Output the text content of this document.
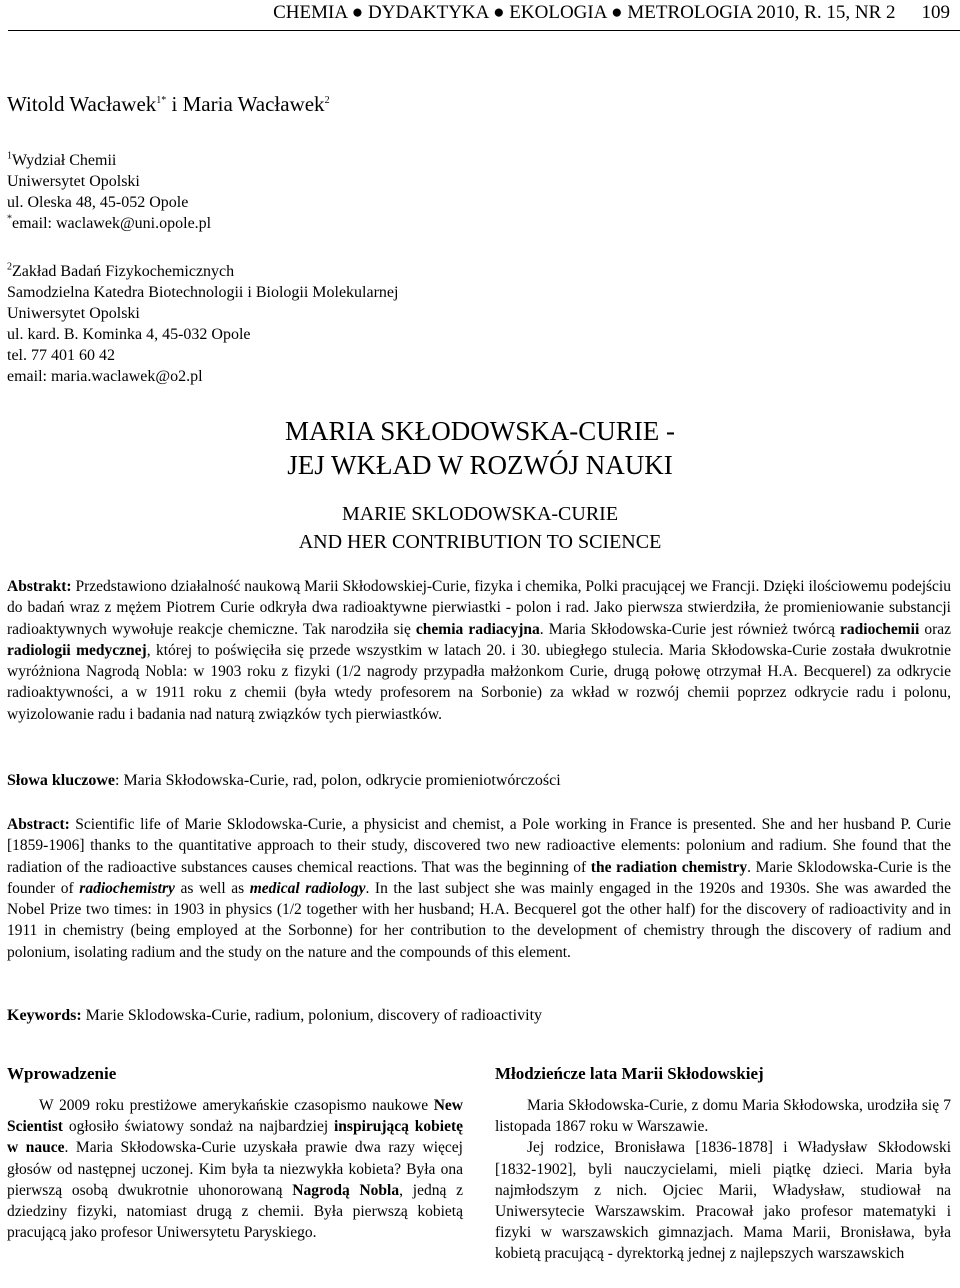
CHEMIA ● DYDAKTYKA ● EKOLOGIA ● METROLOGIA 2010, R. 15, NR 2 109
Witold Wacławek$^{1*}$ i Maria Wacławek$^2$
$^1$Wydział Chemii
Uniwersytet Opolski
ul. Oleska 48, 45-052 Opole
*email: waclawek@uni.opole.pl
$^2$Zakład Badań Fizykochemicznych
Samodzielna Katedra Biotechnologii i Biologii Molekularnej
Uniwersytet Opolski
ul. kard. B. Kominka 4, 45-032 Opole
tel. 77 401 60 42
email: maria.waclawek@o2.pl
MARIA SKŁODOWSKA-CURIE -
JEJ WKŁAD W ROZWÓJ NAUKI
MARIE SKLODOWSKA-CURIE
AND HER CONTRIBUTION TO SCIENCE
Abstrakt: Przedstawiono działalność naukową Marii Skłodowskiej-Curie, fizyka i chemika, Polki pracującej we Francji. Dzięki ilościowemu podejściu do badań wraz z mężem Piotrem Curie odkryła dwa radioaktywne pierwiastki - polon i rad. Jako pierwsza stwierdziła, że promieniowanie substancji radioaktywnych wywołuje reakcje chemiczne. Tak narodziła się chemia radiacyjna. Maria Skłodowska-Curie jest również twórcą radiochemii oraz radiologii medycznej, której to poświęciła się przede wszystkim w latach 20. i 30. ubiegłego stulecia. Maria Skłodowska-Curie została dwukrotnie wyróżniona Nagrodą Nobla: w 1903 roku z fizyki (1/2 nagrody przypadła małżonkom Curie, drugą połowę otrzymał H.A. Becquerel) za odkrycie radioaktywności, a w 1911 roku z chemii (była wtedy profesorem na Sorbonie) za wkład w rozwój chemii poprzez odkrycie radu i polonu, wyizolowanie radu i badania nad naturą związków tych pierwiastków.
Słowa kluczowe: Maria Skłodowska-Curie, rad, polon, odkrycie promieniotwórczości
Abstract: Scientific life of Marie Sklodowska-Curie, a physicist and chemist, a Pole working in France is presented. She and her husband P. Curie [1859-1906] thanks to the quantitative approach to their study, discovered two new radioactive elements: polonium and radium. She found that the radiation of the radioactive substances causes chemical reactions. That was the beginning of the radiation chemistry. Marie Sklodowska-Curie is the founder of radiochemistry as well as medical radiology. In the last subject she was mainly engaged in the 1920s and 1930s. She was awarded the Nobel Prize two times: in 1903 in physics (1/2 together with her husband; H.A. Becquerel got the other half) for the discovery of radioactivity and in 1911 in chemistry (being employed at the Sorbonne) for her contribution to the development of chemistry through the discovery of radium and polonium, isolating radium and the study on the nature and the compounds of this element.
Keywords: Marie Sklodowska-Curie, radium, polonium, discovery of radioactivity
Wprowadzenie

W 2009 roku prestiżowe amerykańskie czasopismo naukowe New Scientist ogłosiło światowy sondaż na najbardziej inspirującą kobietę w nauce. Maria Skłodowska-Curie uzyskała prawie dwa razy więcej głosów od następnej uczonej. Kim była ta niezwykła kobieta? Była ona pierwszą osobą dwukrotnie uhonorowaną Nagrodą Nobla, jedną z dziedziny fizyki, natomiast drugą z chemii. Była pierwszą kobietą pracującą jako profesor Uniwersytetu Paryskiego.

Młodzieńcze lata Marii Skłodowskiej

Maria Skłodowska-Curie, z domu Maria Skłodowska, urodziła się 7 listopada 1867 roku w Warszawie.

Jej rodzice, Bronisława [1836-1878] i Władysław Skłodowski [1832-1902], byli nauczycielami, mieli piątkę dzieci. Maria była najmłodszym z nich. Ojciec Marii, Władysław, studiował na Uniwersytecie Warszawskim. Pracował jako profesor matematyki i fizyki w warszawskich gimnazjach. Mama Marii, Bronisława, była kobietą pracującą - dyrektorką jednej z najlepszych warszawskich
